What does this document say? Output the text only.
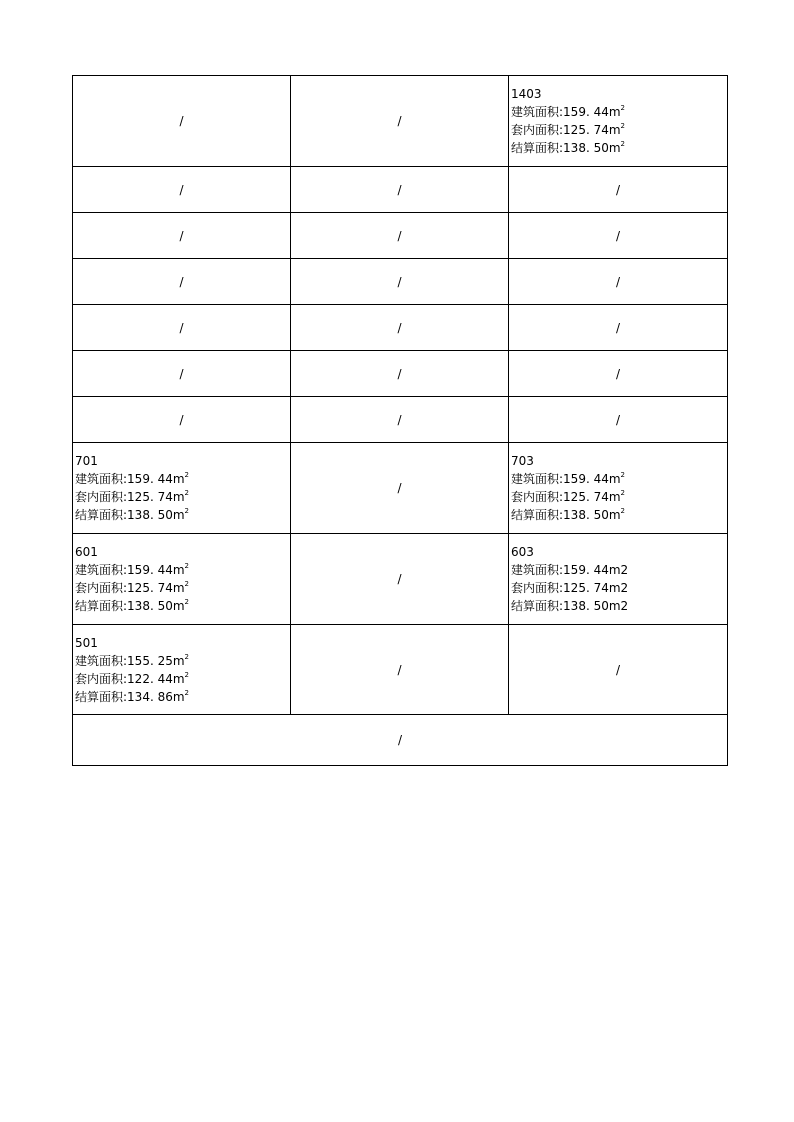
/	/	1403
建筑面积:159. $44m^2$
套内面积:125. $74m^2$
结算面积:138. $50m^2$

/	/	/
/	/	/
/	/	/
/	/	/
/	/	/
/	/	/

701
建筑面积:159. $44m^2$
套内面积:125. $74m^2$
结算面积:138. $50m^2$	/	703
建筑面积:159. $44m^2$
套内面积:125. $74m^2$
结算面积:138. $50m^2$

601
建筑面积:159. $44m^2$
套内面积:125. $74m^2$
结算面积:138. $50m^2$	/	603
建筑面积:159. 44m2
套内面积:125. 74m2
结算面积:138. 50m2

501
建筑面积:155. $25m^2$
套内面积:122. $44m^2$
结算面积:134. $86m^2$	/	/
/		
